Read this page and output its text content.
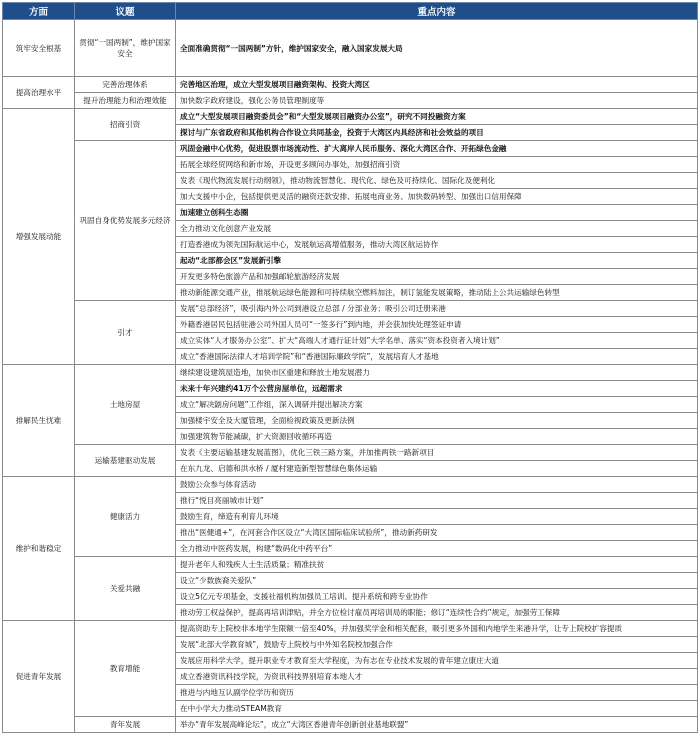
方面	议题	重点内容
筑牢安全根基	贯彻“一国两制”，维护国家安全	全面准确贯彻“一国两制”方针，维护国家安全，融入国家发展大局
提高治理水平	完善治理体系	完善地区治理，成立大型发展项目融资架构、投资大湾区
	提升治理能力和治理效能	加快数字政府建设，强化公务员管理制度等
增强发展动能	招商引资	成立“大型发展项目融资委员会”和“大型发展项目融资办公室”，研究不同投融资方案
		探讨与广东省政府和其他机构合作设立共同基金，投资于大湾区内具经济和社会效益的项目
	巩固自身优势发展多元经济	巩固金融中心优势，促进股票市场流动性、扩大离岸人民币服务、深化大湾区合作、开拓绿色金融
		拓展全球经贸网络和新市场，开设更多顾问办事处，加强招商引资
		发表《现代物流发展行动纲领》，推动物流智慧化、现代化、绿色及可持续化、国际化及便利化
		加大支援中小企，包括提供更灵活的融资还款安排、拓展电商业务、加快数码转型、加强出口信用保障
		加速建立创科生态圈
		全力推动文化创意产业发展
		打造香港成为领先国际航运中心，发展航运高增值服务，推动大湾区航运协作
		起动“北部都会区”发展新引擎
		开发更多特色旅游产品和加强邮轮旅游经济发展
		推动新能源交通产业，推展航运绿色能源和可持续航空燃料加注，制订氢能发展策略，推动陆上公共运输绿色转型
	引才	发展“总部经济”，吸引海内外公司到港设立总部 / 分部业务；吸引公司迁册来港
		外籍香港居民包括驻港公司外国人员可“一签多行”到内地，并会获加快处理签证申请
		成立实体“人才服务办公室”、扩大“高端人才通行证计划”大学名单、落实“资本投资者入境计划”
		成立“香港国际法律人才培训学院”和“香港国际廉政学院”，发展培育人才基地
排解民生忧难	土地房屋	继续建设建筑屋造地，加快市区重建和释放土地发展潜力
		未来十年兴建约41万个公营房屋单位，远超需求
		成立“解决劏房问题”工作组，深入调研并提出解决方案
		加强楼宇安全及大厦管理，全面检视政策及更新法例
		加强建筑物节能减碳，扩大资源回收循环再造
	运输基建驱动发展	发表《主要运输基建发展蓝图》，优化三铁三路方案，并加推两铁一路新项目
		在东九龙、启德和洪水桥 / 厦村建造新型智慧绿色集体运输
维护和谐稳定	健康活力	鼓励公众参与体育活动
		推行“悦目亮丽城市计划”
		鼓励生育，缔造有利育儿环境
		推出“医健通+”，在河套合作区设立“大湾区国际临床试验所”，推动新药研发
		全力推动中医药发展，构建“数码化中药平台”
	关爱共融	提升老年人和残疾人士生活质量；精准扶贫
		设立“少数族裔关爱队”
		设立5亿元专项基金，支援社福机构加强员工培训、提升系统和跨专业协作
		推动劳工权益保护，提高再培训津贴，并全方位检讨雇员再培训局的职能；修订“连续性合约”规定，加强劳工保障
促进青年发展	教育增能	提高资助专上院校非本地学生限额一倍至40%，并加强奖学金和相关配套，吸引更多外国和内地学生来港升学，让专上院校扩容提质
		发展“北部大学教育城”，鼓励专上院校与中外知名院校加强合作
		发展应用科学大学，提升职业专才教育至大学程度，为有志在专业技术发展的青年建立康庄大道
		成立香港资讯科技学院，为资讯科技界别培育本地人才
		推进与内地互认副学位学历和资历
		在中小学大力推动STEAM教育
	青年发展	举办“青年发展高峰论坛”，成立“大湾区香港青年创新创业基地联盟”
